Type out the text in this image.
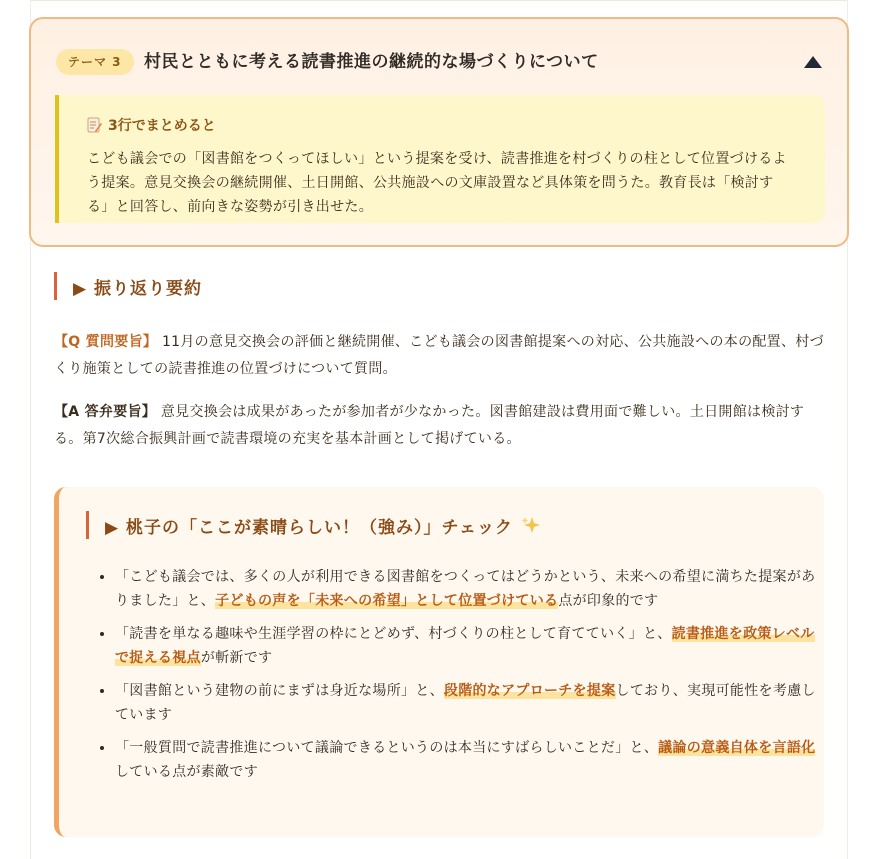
テーマ 3	村民とともに考える読書推進の継続的な場づくりについて
3行でまとめると

こども議会での「図書館をつくってほしい」という提案を受け、読書推進を村づくりの柱として位置づけるよう提案。意見交換会の継続開催、土日開館、公共施設への文庫設置など具体策を問うた。教育長は「検討する」と回答し、前向きな姿勢が引き出せた。

▶ 振り返り要約

【Q 質問要旨】 11月の意見交換会の評価と継続開催、こども議会の図書館提案への対応、公共施設への本の配置、村づくり施策としての読書推進の位置づけについて質問。

【A 答弁要旨】 意見交換会は成果があったが参加者が少なかった。図書館建設は費用面で難しい。土日開館は検討する。第7次総合振興計画で読書環境の充実を基本計画として掲げている。

▶ 桃子の「ここが素晴らしい！（強み）」チェック
• 「こども議会では、多くの人が利用できる図書館をつくってはどうかという、未来への希望に満ちた提案がありました」と、子どもの声を「未来への希望」として位置づけている点が印象的です
• 「読書を単なる趣味や生涯学習の枠にとどめず、村づくりの柱として育てていく」と、読書推進を政策レベルで捉える視点が斬新です
• 「図書館という建物の前にまずは身近な場所」と、段階的なアプローチを提案しており、実現可能性を考慮しています
• 「一般質問で読書推進について議論できるというのは本当にすばらしいことだ」と、議論の意義自体を言語化している点が素敵です
